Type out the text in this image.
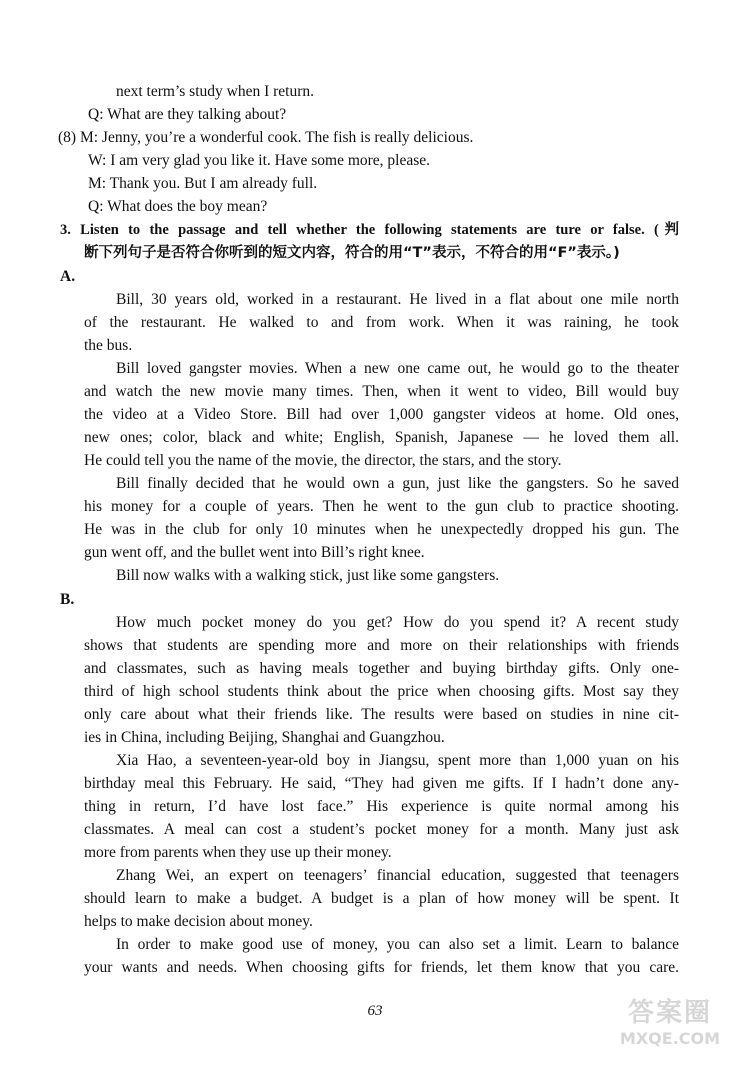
next term’s study when I return.
Q: What are they talking about?
(8) M: Jenny, you’re a wonderful cook. The fish is really delicious.
W: I am very glad you like it. Have some more, please.
M: Thank you. But I am already full.
Q: What does the boy mean?
3. Listen to the passage and tell whether the following statements are ture or false. (判
断下列句子是否符合你听到的短文内容，符合的用“T”表示，不符合的用“F”表示。)
A.
Bill, 30 years old, worked in a restaurant. He lived in a flat about one mile north
of the restaurant. He walked to and from work. When it was raining, he took
the bus.
Bill loved gangster movies. When a new one came out, he would go to the theater
and watch the new movie many times. Then, when it went to video, Bill would buy
the video at a Video Store. Bill had over 1,000 gangster videos at home. Old ones,
new ones; color, black and white; English, Spanish, Japanese — he loved them all.
He could tell you the name of the movie, the director, the stars, and the story.
Bill finally decided that he would own a gun, just like the gangsters. So he saved
his money for a couple of years. Then he went to the gun club to practice shooting.
He was in the club for only 10 minutes when he unexpectedly dropped his gun. The
gun went off, and the bullet went into Bill’s right knee.
Bill now walks with a walking stick, just like some gangsters.
B.
How much pocket money do you get? How do you spend it? A recent study
shows that students are spending more and more on their relationships with friends
and classmates, such as having meals together and buying birthday gifts. Only one-
third of high school students think about the price when choosing gifts. Most say they
only care about what their friends like. The results were based on studies in nine cit-
ies in China, including Beijing, Shanghai and Guangzhou.
Xia Hao, a seventeen-year-old boy in Jiangsu, spent more than 1,000 yuan on his
birthday meal this February. He said, “They had given me gifts. If I hadn’t done any-
thing in return, I’d have lost face.” His experience is quite normal among his
classmates. A meal can cost a student’s pocket money for a month. Many just ask
more from parents when they use up their money.
Zhang Wei, an expert on teenagers’ financial education, suggested that teenagers
should learn to make a budget. A budget is a plan of how money will be spent. It
helps to make decision about money.
In order to make good use of money, you can also set a limit. Learn to balance
your wants and needs. When choosing gifts for friends, let them know that you care.
63	答案圈
MXQE.COM
